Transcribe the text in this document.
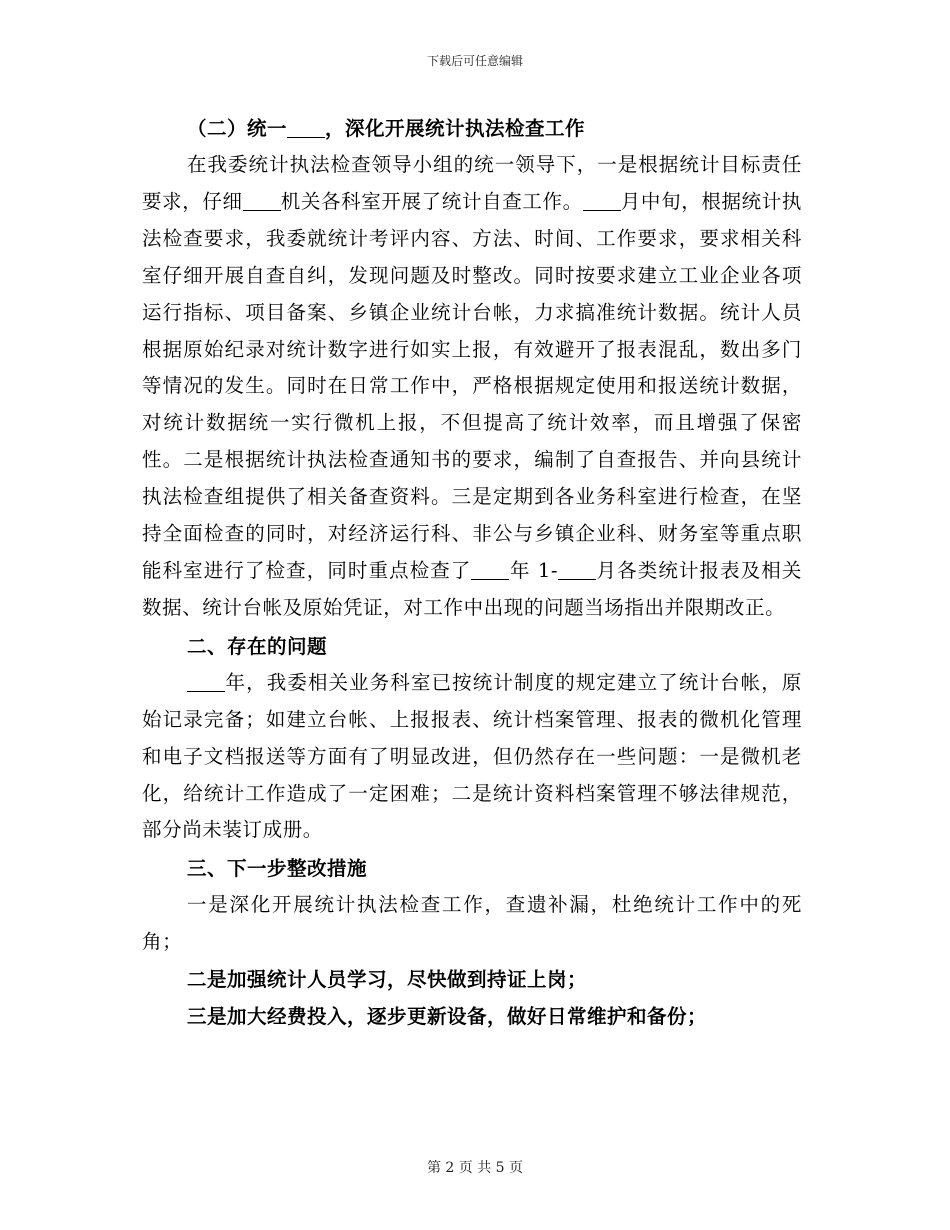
下载后可任意编辑
（二）统一 ，深化开展统计执法检查工作

在我委统计执法检查领导小组的统一领导下，一是根据统计目标责任要求，仔细 机关各科室开展了统计自查工作。 月中旬，根据统计执法检查要求，我委就统计考评内容、方法、时间、工作要求，要求相关科室仔细开展自查自纠，发现问题及时整改。同时按要求建立工业企业各项运行指标、项目备案、乡镇企业统计台帐，力求搞准统计数据。统计人员根据原始纪录对统计数字进行如实上报，有效避开了报表混乱，数出多门等情况的发生。同时在日常工作中，严格根据规定使用和报送统计数据，对统计数据统一实行微机上报，不但提高了统计效率，而且增强了保密性。二是根据统计执法检查通知书的要求，编制了自查报告、并向县统计执法检查组提供了相关备查资料。三是定期到各业务科室进行检查，在坚持全面检查的同时，对经济运行科、非公与乡镇企业科、财务室等重点职能科室进行了检查，同时重点检查了 年 1- 月各类统计报表及相关数据、统计台帐及原始凭证，对工作中出现的问题当场指出并限期改正。

二、存在的问题

年，我委相关业务科室已按统计制度的规定建立了统计台帐，原始记录完备；如建立台帐、上报报表、统计档案管理、报表的微机化管理和电子文档报送等方面有了明显改进，但仍然存在一些问题：一是微机老化，给统计工作造成了一定困难；二是统计资料档案管理不够法律规范，部分尚未装订成册。

三、下一步整改措施

一是深化开展统计执法检查工作，查遗补漏，杜绝统计工作中的死角；

二是加强统计人员学习，尽快做到持证上岗；
三是加大经费投入，逐步更新设备，做好日常维护和备份；
第 2 页 共 5 页
